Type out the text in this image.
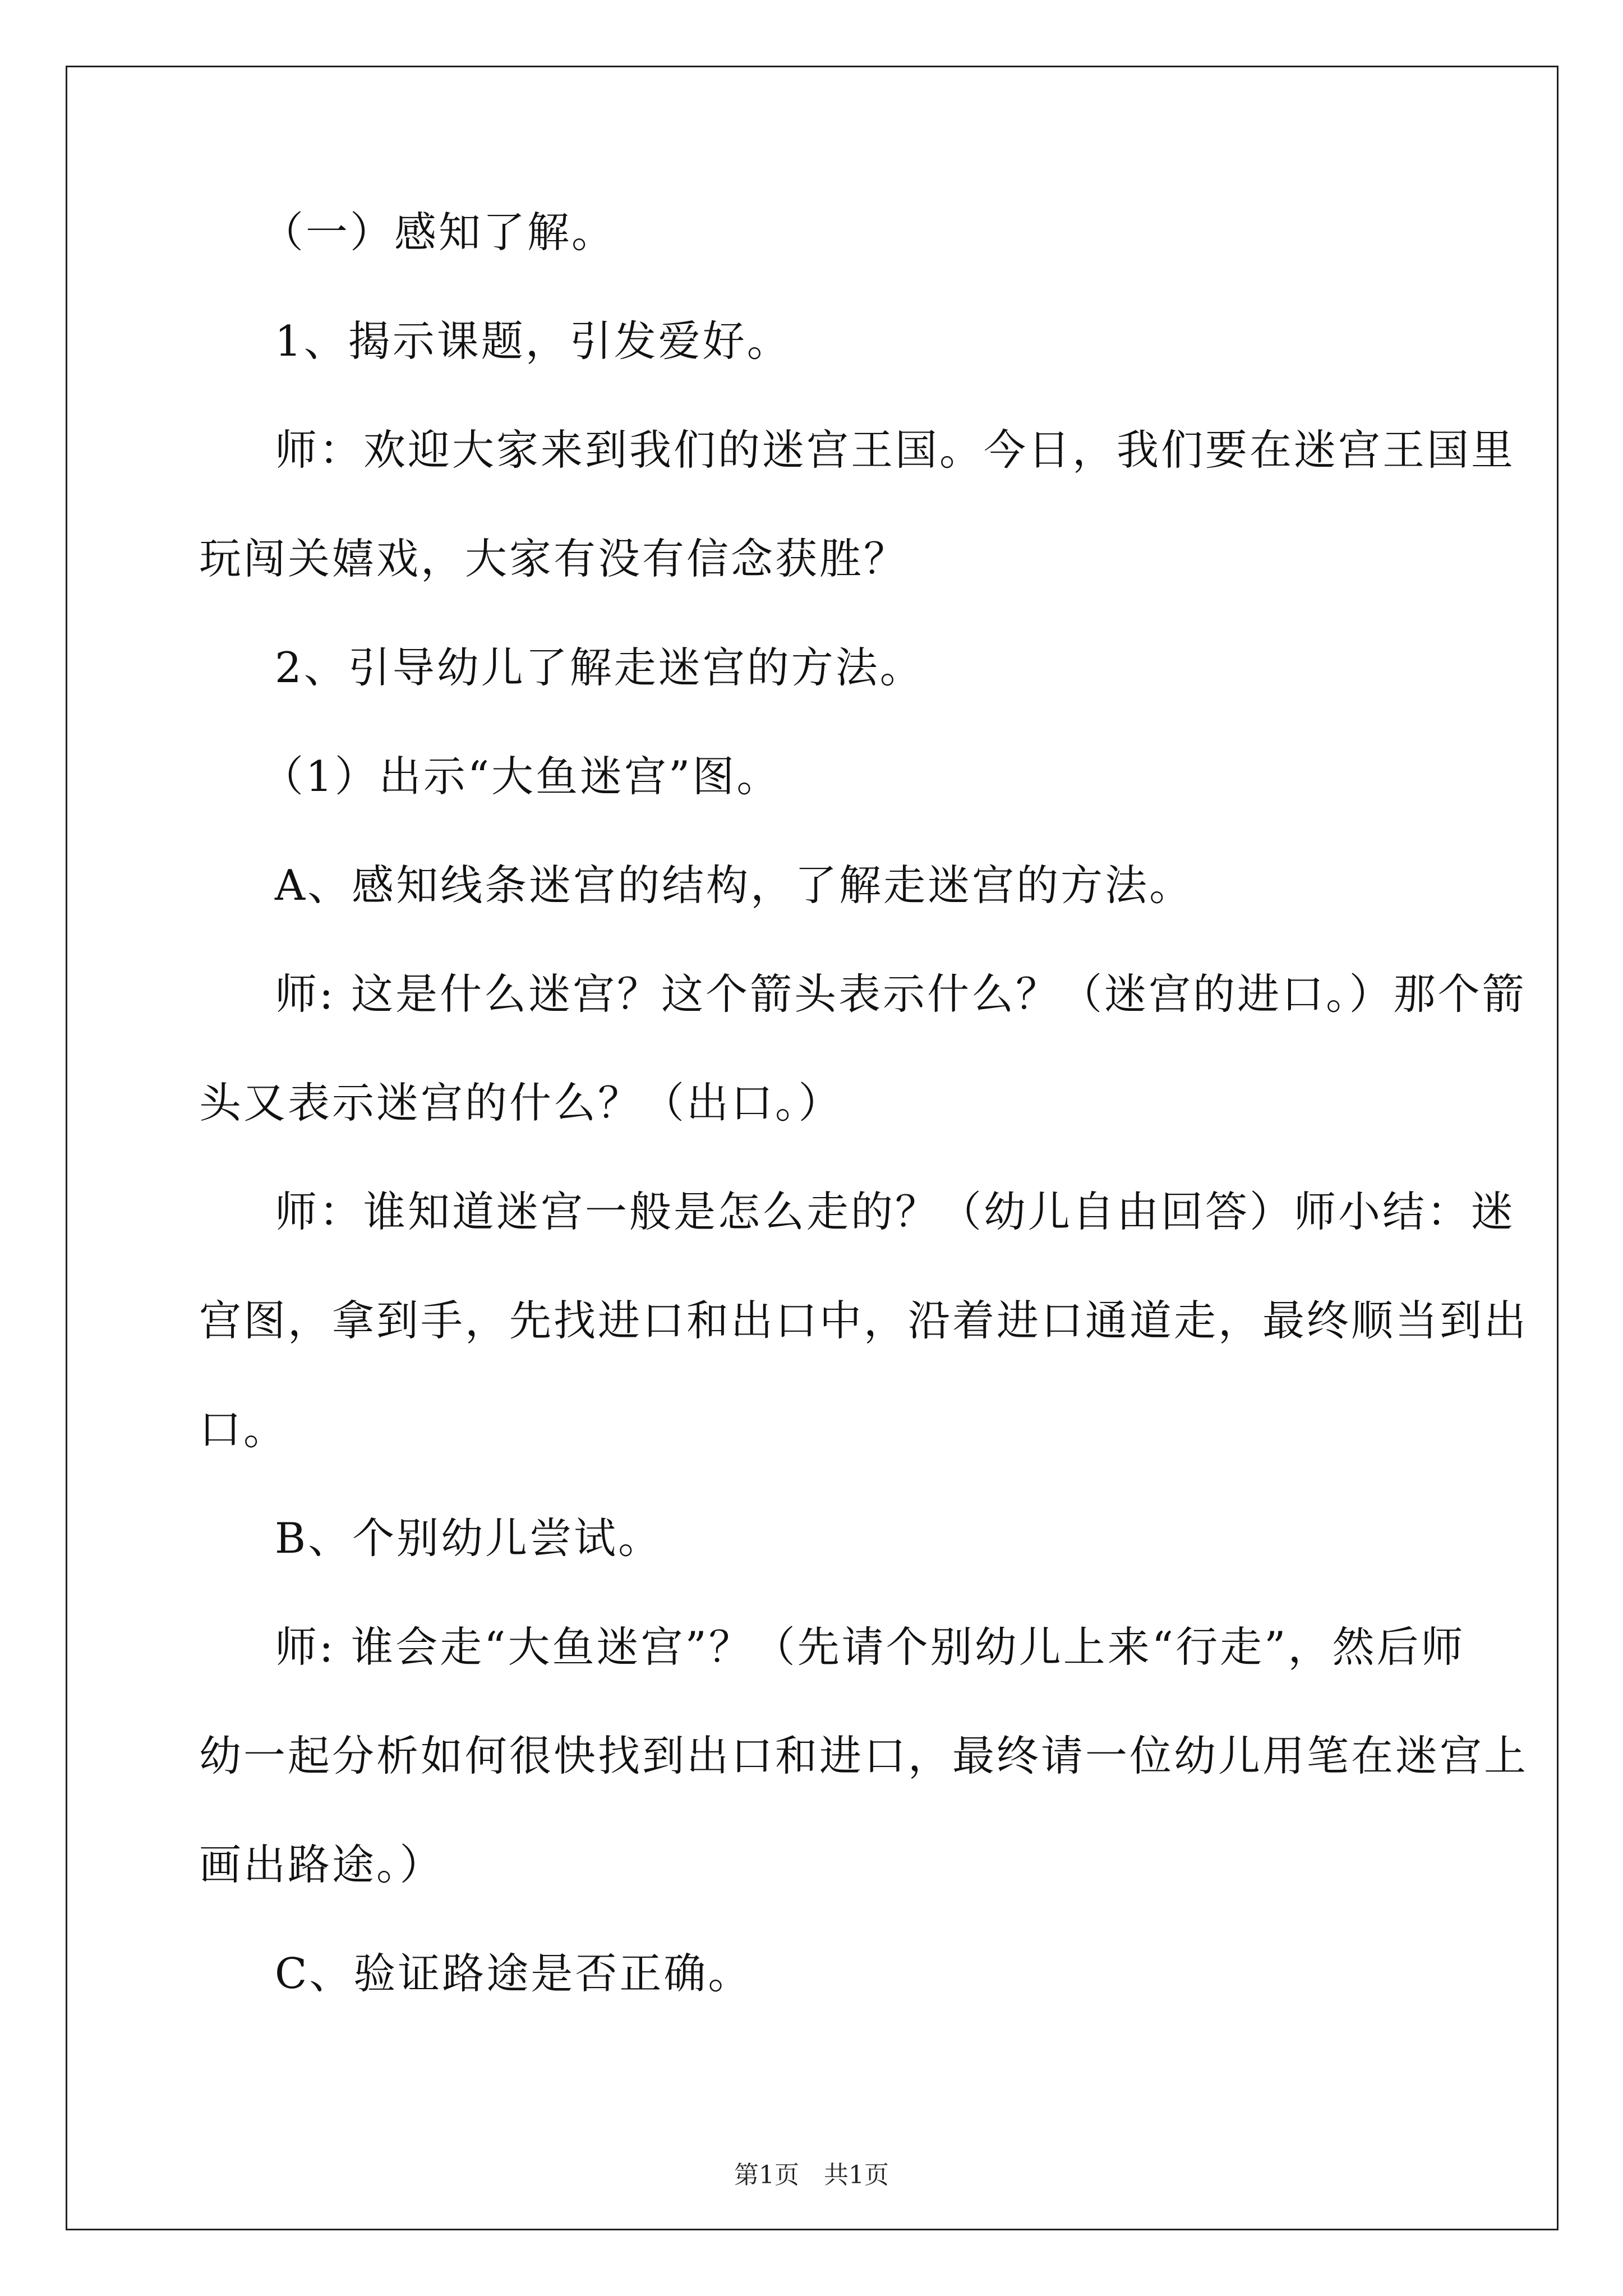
（一）感知了解。
1、揭示课题，引发爱好。
师：欢迎大家来到我们的迷宫王国。今日，我们要在迷宫王国里
玩闯关嬉戏，大家有没有信念获胜？
2、引导幼儿了解走迷宫的方法。
（1）出示“大鱼迷宫”图。
A、感知线条迷宫的结构，了解走迷宫的方法。
师: 这是什么迷宫？这个箭头表示什么？（迷宫的进口。）那个箭
头又表示迷宫的什么？（出口。）
师：谁知道迷宫一般是怎么走的？（幼儿自由回答）师小结：迷
宫图，拿到手，先找进口和出口中，沿着进口通道走，最终顺当到出
口。
B、个别幼儿尝试。
师: 谁会走“大鱼迷宫”？（先请个别幼儿上来“行走”，然后师
幼一起分析如何很快找到出口和进口，最终请一位幼儿用笔在迷宫上
画出路途。）
C、验证路途是否正确。
第1页　共1页
